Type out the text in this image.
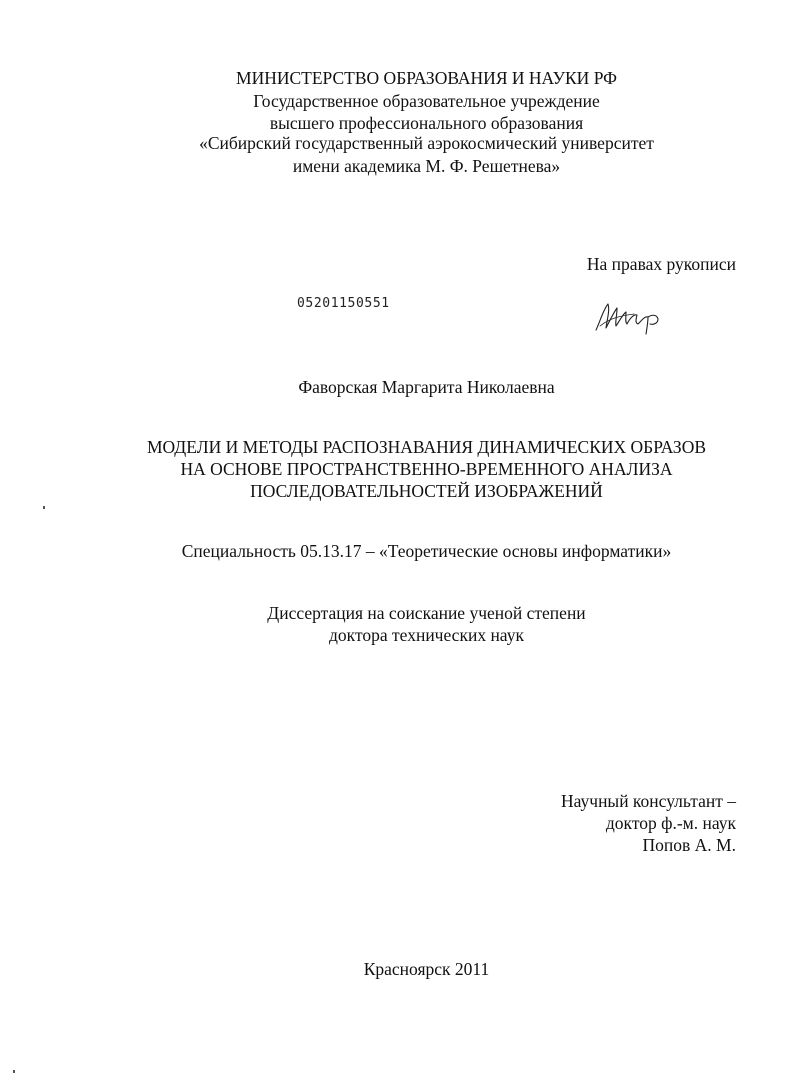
МИНИСТЕРСТВО ОБРАЗОВАНИЯ И НАУКИ РФ
Государственное образовательное учреждение
высшего профессионального образования
«Сибирский государственный аэрокосмический университет
имени академика М. Ф. Решетнева»
На правах рукописи
05201150551
Фаворская Маргарита Николаевна
МОДЕЛИ И МЕТОДЫ РАСПОЗНАВАНИЯ ДИНАМИЧЕСКИХ ОБРАЗОВ
НА ОСНОВЕ ПРОСТРАНСТВЕННО-ВРЕМЕННОГО АНАЛИЗА
ПОСЛЕДОВАТЕЛЬНОСТЕЙ ИЗОБРАЖЕНИЙ
Специальность 05.13.17 – «Теоретические основы информатики»
Диссертация на соискание ученой степени
доктора технических наук
Научный консультант –
доктор ф.-м. наук
Попов А. М.
Красноярск 2011
